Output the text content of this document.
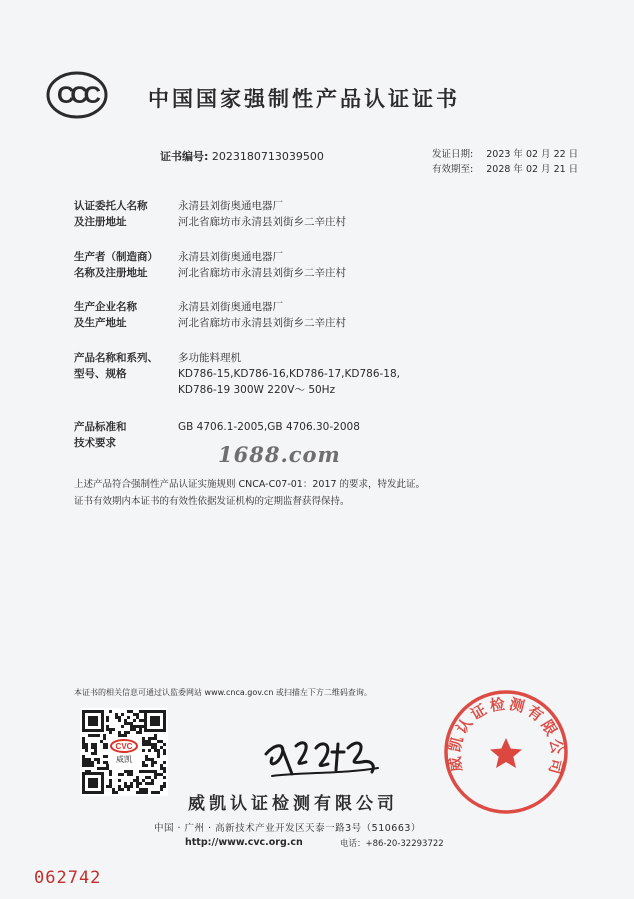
CCC 中国国家强制性产品认证证书
证书编号: 2023180713039500	发证日期: 2023 年 02 月 22 日
有效期至: 2028 年 02 月 21 日
认证委托人名称
及注册地址
永清县刘街奥通电器厂
河北省廊坊市永清县刘街乡二辛庄村
生产者（制造商）
名称及注册地址
永清县刘街奥通电器厂
河北省廊坊市永清县刘街乡二辛庄村
生产企业名称
及生产地址
永清县刘街奥通电器厂
河北省廊坊市永清县刘街乡二辛庄村
产品名称和系列、
型号、规格
多功能料理机
KD786-15,KD786-16,KD786-17,KD786-18,
KD786-19 300W 220V～ 50Hz
产品标准和
技术要求
GB 4706.1-2005,GB 4706.30-2008
1688.com
上述产品符合强制性产品认证实施规则 CNCA-C07-01：2017 的要求，特发此证。
证书有效期内本证书的有效性依据发证机构的定期监督获得保持。
本证书的相关信息可通过认监委网站 www.cnca.gov.cn 或扫描左下方二维码查询。
CVC
威凯
威凯认证检测有限公司
威凯认证检测有限公司
中国 · 广州 · 高新技术产业开发区天泰一路3号（510663）
http://www.cvc.org.cn	电话：+86-20-32293722
062742
